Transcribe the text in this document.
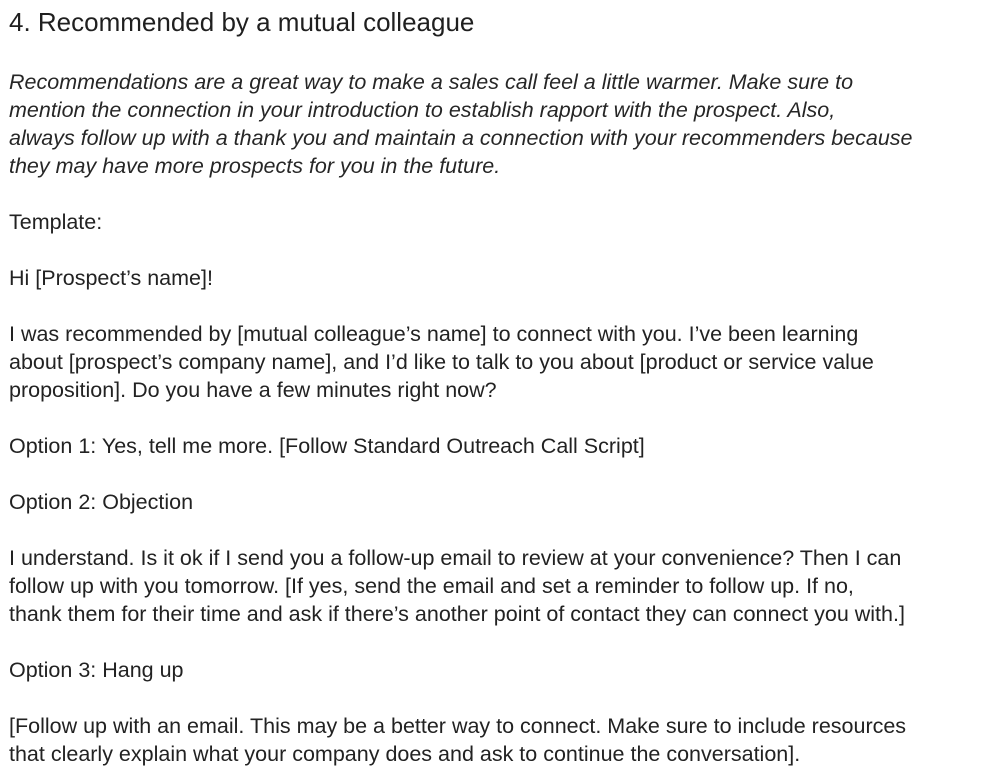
4. Recommended by a mutual colleague

Recommendations are a great way to make a sales call feel a little warmer. Make sure to
mention the connection in your introduction to establish rapport with the prospect. Also,
always follow up with a thank you and maintain a connection with your recommenders because
they may have more prospects for you in the future.

Template:

Hi [Prospect’s name]!

I was recommended by [mutual colleague’s name] to connect with you. I’ve been learning
about [prospect’s company name], and I’d like to talk to you about [product or service value
proposition]. Do you have a few minutes right now?

Option 1: Yes, tell me more. [Follow Standard Outreach Call Script]

Option 2: Objection

I understand. Is it ok if I send you a follow-up email to review at your convenience? Then I can
follow up with you tomorrow. [If yes, send the email and set a reminder to follow up. If no,
thank them for their time and ask if there’s another point of contact they can connect you with.]

Option 3: Hang up

[Follow up with an email. This may be a better way to connect. Make sure to include resources
that clearly explain what your company does and ask to continue the conversation].
